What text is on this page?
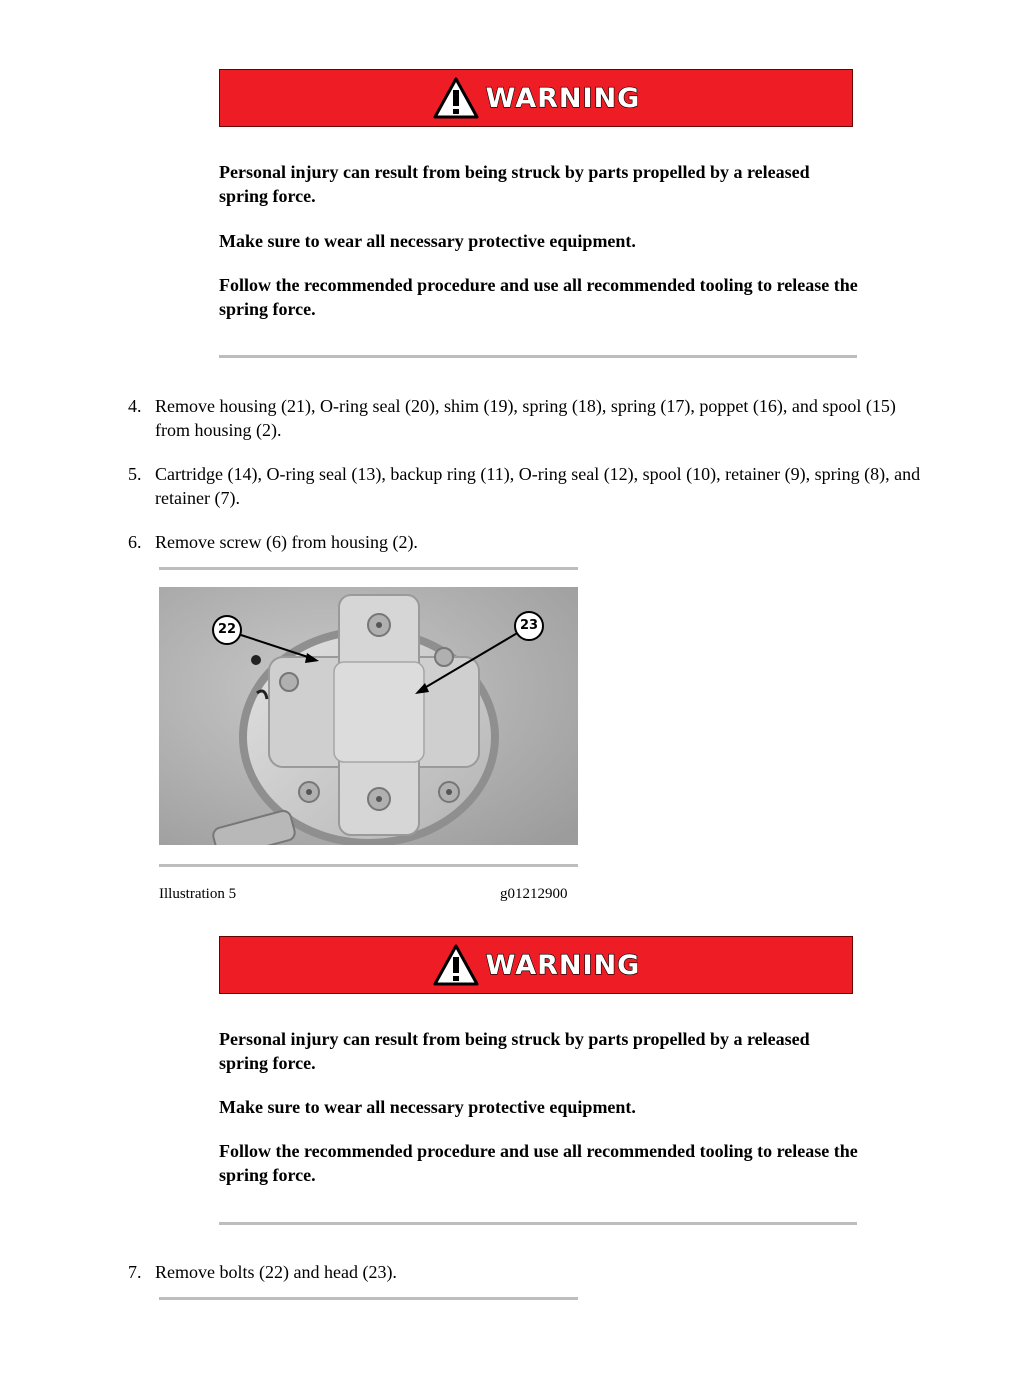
WARNING
Personal injury can result from being struck by parts propelled by a released spring force.
Make sure to wear all necessary protective equipment.
Follow the recommended procedure and use all recommended tooling to release the spring force.
4. Remove housing (21), O-ring seal (20), shim (19), spring (18), spring (17), poppet (16), and spool (15) from housing (2).
5. Cartridge (14), O-ring seal (13), backup ring (11), O-ring seal (12), spool (10), retainer (9), spring (8), and retainer (7).
6. Remove screw (6) from housing (2).
22	23
Illustration 5	g01212900
WARNING
Personal injury can result from being struck by parts propelled by a released spring force.
Make sure to wear all necessary protective equipment.
Follow the recommended procedure and use all recommended tooling to release the spring force.
7. Remove bolts (22) and head (23).
